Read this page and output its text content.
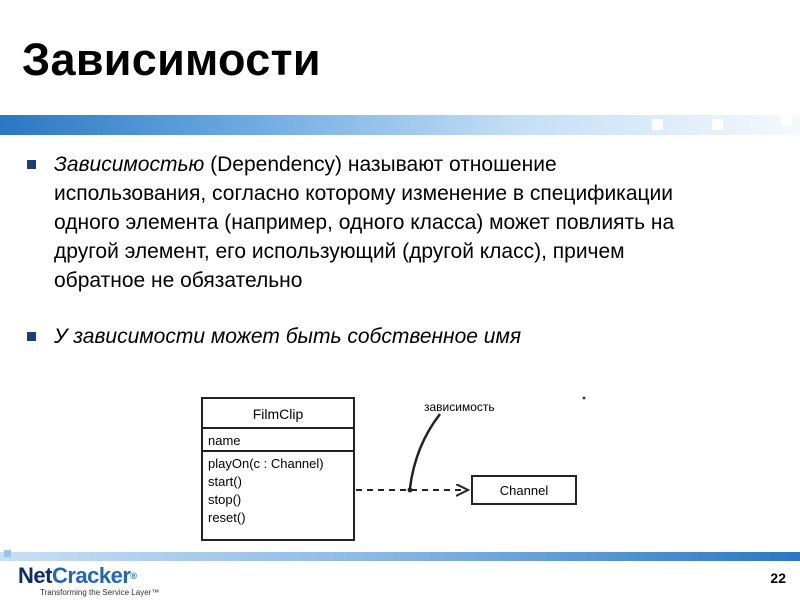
Зависимости
Зависимостью (Dependency) называют отношение использования, согласно которому изменение в спецификации одного элемента (например, одного класса) может повлиять на другой элемент, его использующий (другой класс), причем обратное не обязательно
У зависимости может быть собственное имя
FilmClip
name
playOn(c : Channel)
start()
stop()
reset()
зависимость
Channel
NetCracker®
Transforming the Service Layer™
22
